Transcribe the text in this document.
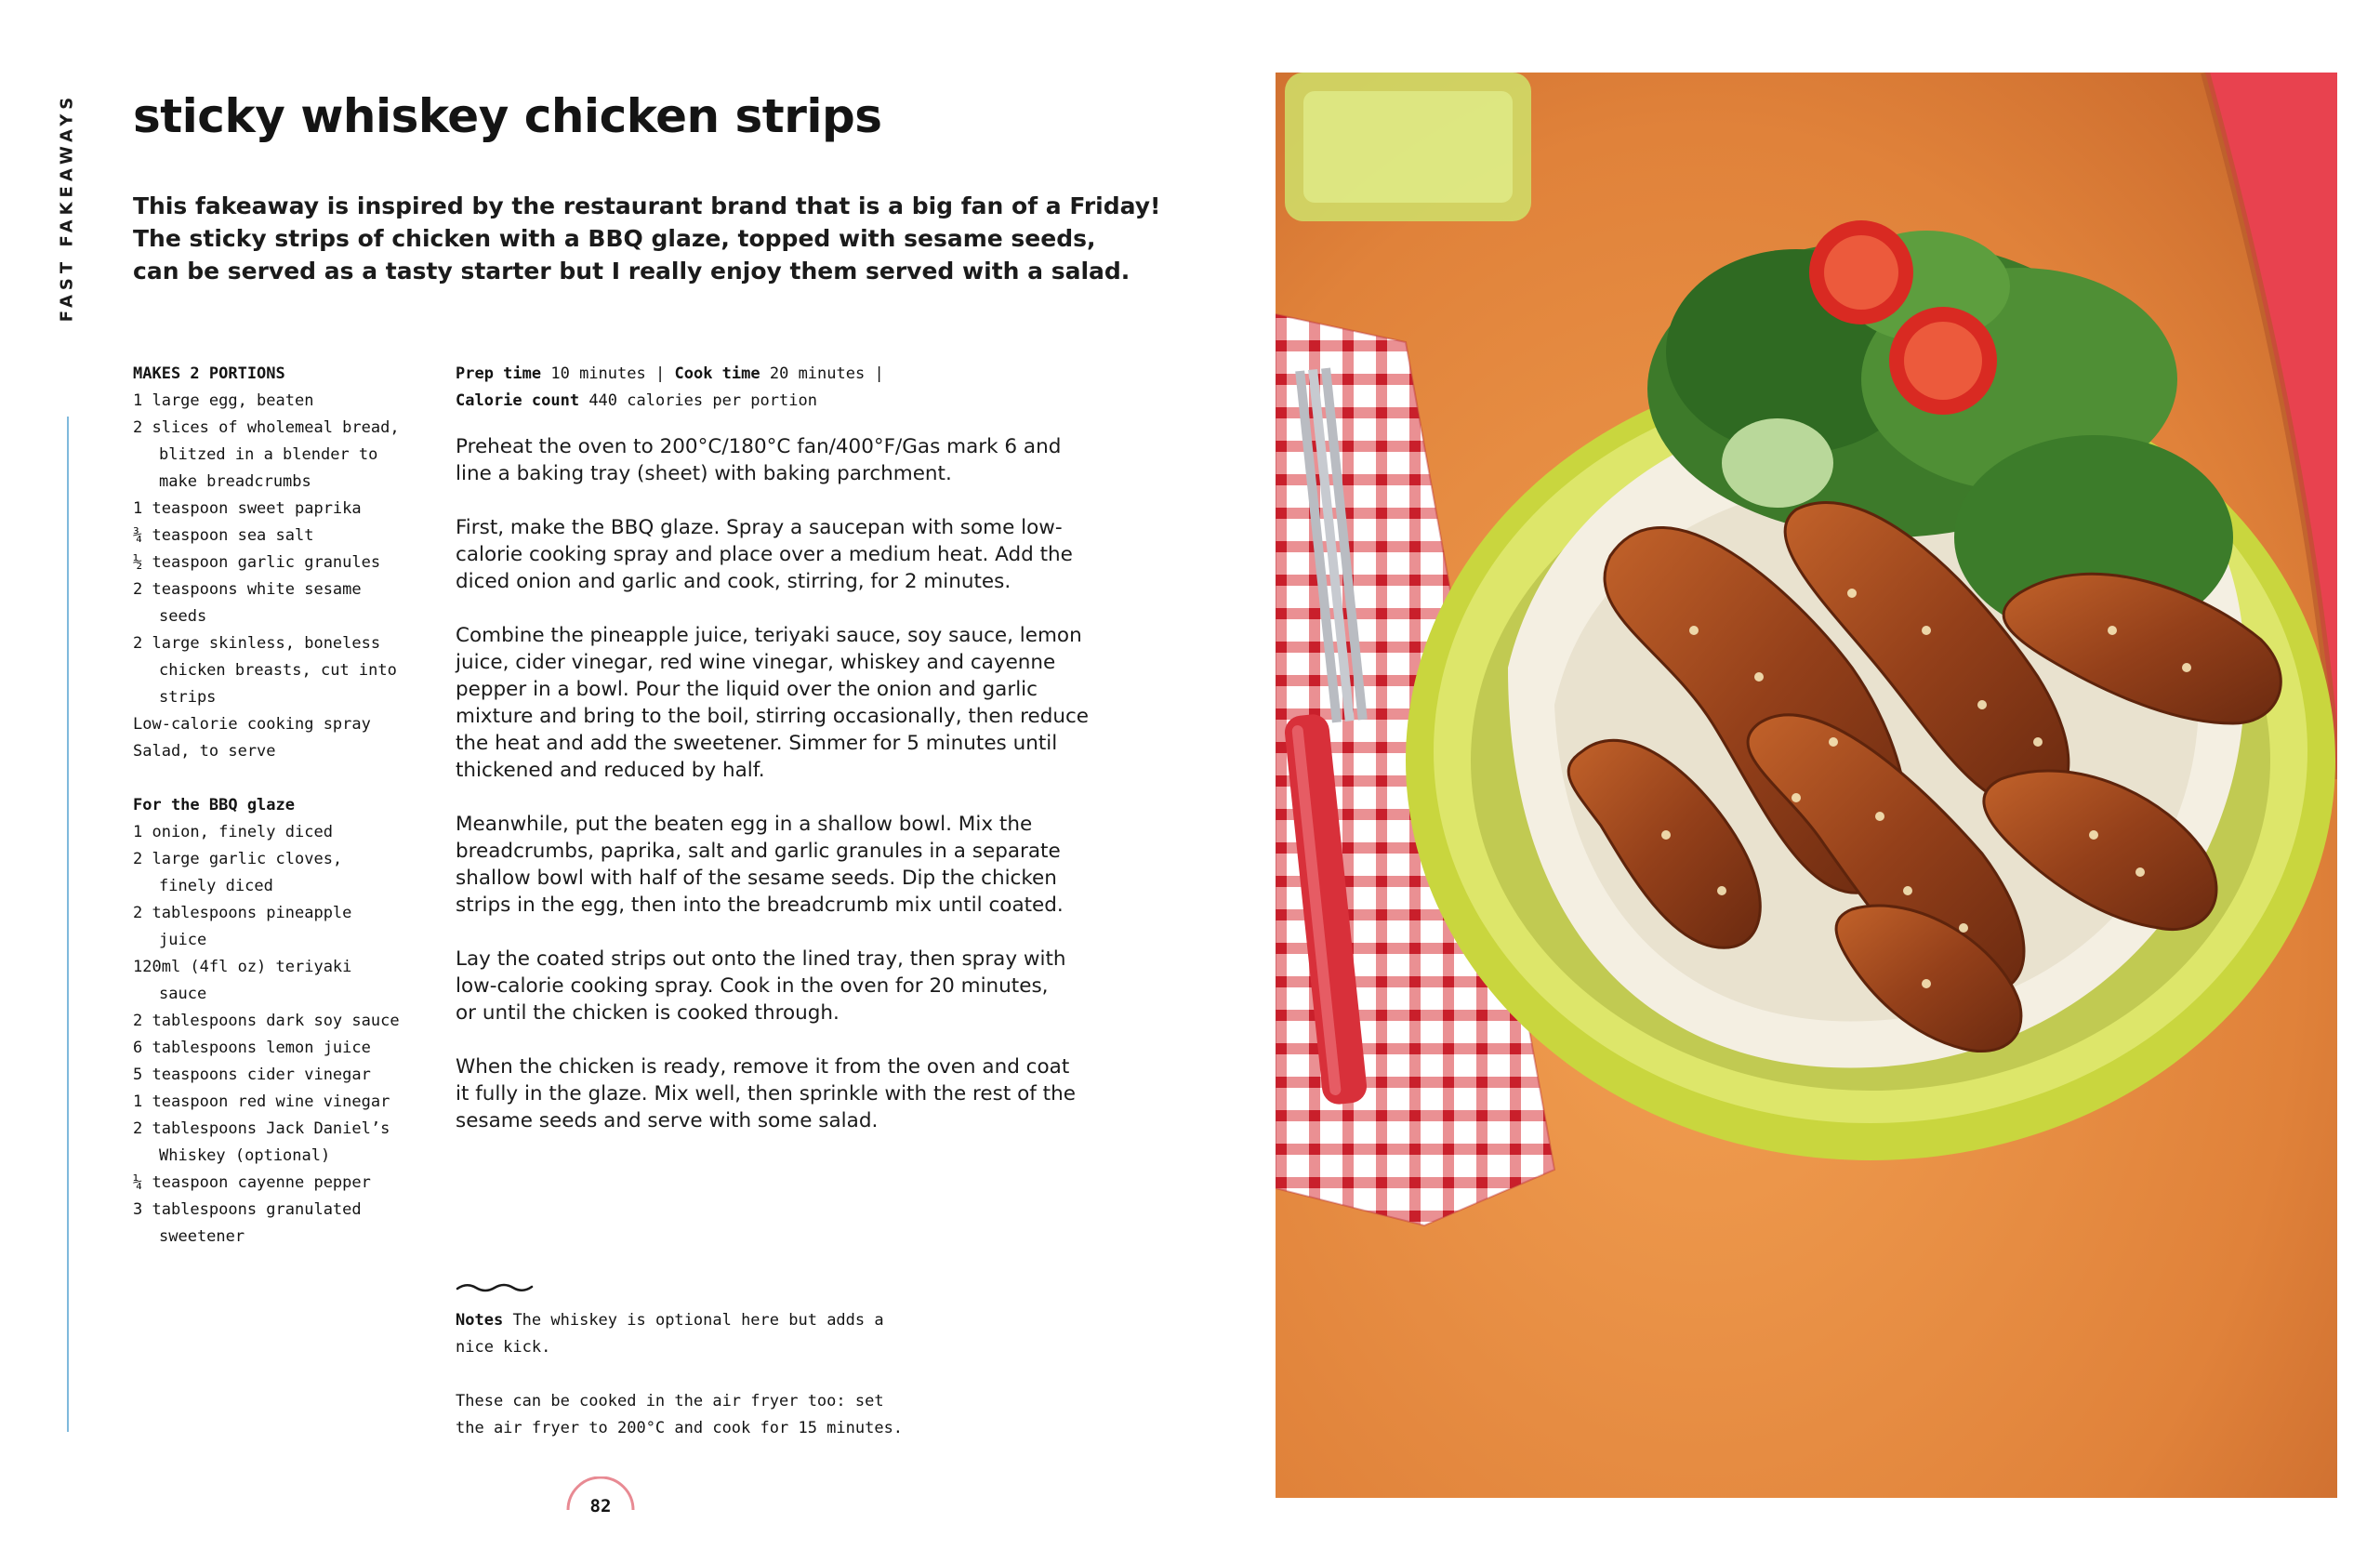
FAST FAKEAWAYS sticky whiskey chicken strips
This fakeaway is inspired by the restaurant brand that is a big fan of a Friday!
The sticky strips of chicken with a BBQ glaze, topped with sesame seeds,
can be served as a tasty starter but I really enjoy them served with a salad.
MAKES 2 PORTIONS
1 large egg, beaten
2 slices of wholemeal bread,
blitzed in a blender to
make breadcrumbs
1 teaspoon sweet paprika
¾ teaspoon sea salt
½ teaspoon garlic granules
2 teaspoons white sesame
seeds
2 large skinless, boneless
chicken breasts, cut into
strips
Low-calorie cooking spray
Salad, to serve
For the BBQ glaze
1 onion, finely diced
2 large garlic cloves,
finely diced
2 tablespoons pineapple
juice
120ml (4fl oz) teriyaki
sauce
2 tablespoons dark soy sauce
6 tablespoons lemon juice
5 teaspoons cider vinegar
1 teaspoon red wine vinegar
2 tablespoons Jack Daniel’s
Whiskey (optional)
¼ teaspoon cayenne pepper
3 tablespoons granulated
sweetener
Prep time 10 minutes | Cook time 20 minutes |
Calorie count 440 calories per portion
Preheat the oven to 200°C/180°C fan/400°F/Gas mark 6 and
line a baking tray (sheet) with baking parchment.
First, make the BBQ glaze. Spray a saucepan with some low-
calorie cooking spray and place over a medium heat. Add the
diced onion and garlic and cook, stirring, for 2 minutes.
Combine the pineapple juice, teriyaki sauce, soy sauce, lemon
juice, cider vinegar, red wine vinegar, whiskey and cayenne
pepper in a bowl. Pour the liquid over the onion and garlic
mixture and bring to the boil, stirring occasionally, then reduce
the heat and add the sweetener. Simmer for 5 minutes until
thickened and reduced by half.
Meanwhile, put the beaten egg in a shallow bowl. Mix the
breadcrumbs, paprika, salt and garlic granules in a separate
shallow bowl with half of the sesame seeds. Dip the chicken
strips in the egg, then into the breadcrumb mix until coated.
Lay the coated strips out onto the lined tray, then spray with
low-calorie cooking spray. Cook in the oven for 20 minutes,
or until the chicken is cooked through.
When the chicken is ready, remove it from the oven and coat
it fully in the glaze. Mix well, then sprinkle with the rest of the
sesame seeds and serve with some salad.
Notes The whiskey is optional here but adds a
nice kick.
These can be cooked in the air fryer too: set
the air fryer to 200°C and cook for 15 minutes.
82
